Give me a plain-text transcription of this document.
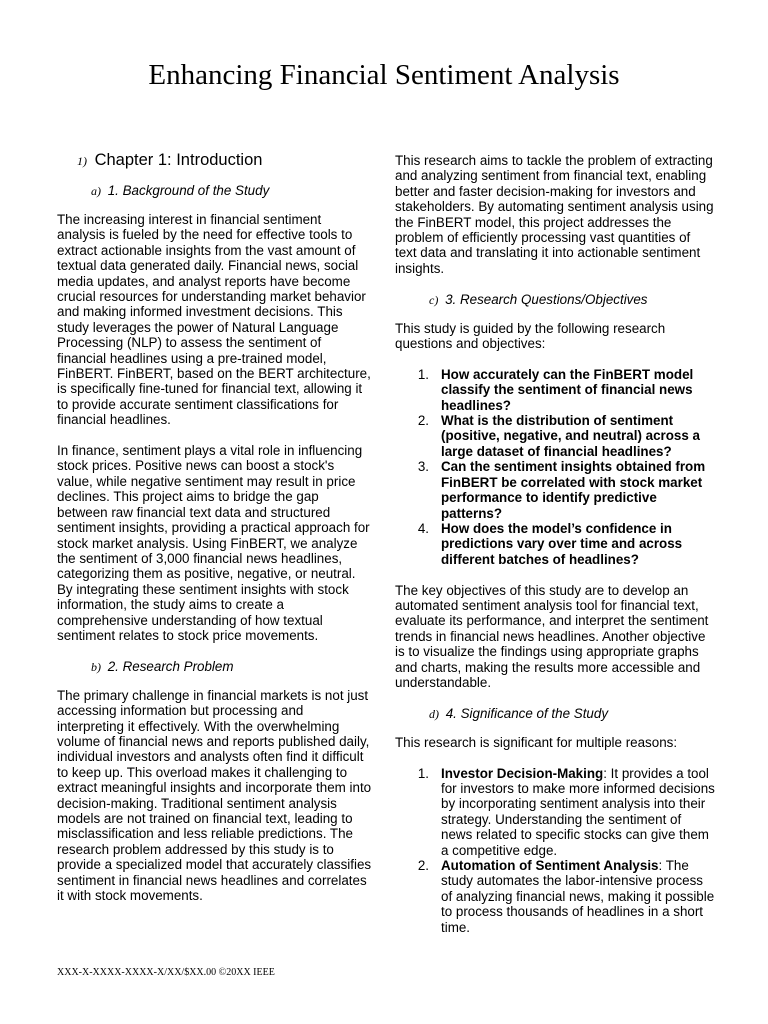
Enhancing Financial Sentiment Analysis
1) Chapter 1: Introduction
a) 1. Background of the Study

The increasing interest in financial sentiment analysis is fueled by the need for effective tools to extract actionable insights from the vast amount of textual data generated daily. Financial news, social media updates, and analyst reports have become crucial resources for understanding market behavior and making informed investment decisions. This study leverages the power of Natural Language Processing (NLP) to assess the sentiment of financial headlines using a pre-trained model, FinBERT. FinBERT, based on the BERT architecture, is specifically fine-tuned for financial text, allowing it to provide accurate sentiment classifications for financial headlines.

In finance, sentiment plays a vital role in influencing stock prices. Positive news can boost a stock's value, while negative sentiment may result in price declines. This project aims to bridge the gap between raw financial text data and structured sentiment insights, providing a practical approach for stock market analysis. Using FinBERT, we analyze the sentiment of 3,000 financial news headlines, categorizing them as positive, negative, or neutral. By integrating these sentiment insights with stock information, the study aims to create a comprehensive understanding of how textual sentiment relates to stock price movements.

b) 2. Research Problem

The primary challenge in financial markets is not just accessing information but processing and interpreting it effectively. With the overwhelming volume of financial news and reports published daily, individual investors and analysts often find it difficult to keep up. This overload makes it challenging to extract meaningful insights and incorporate them into decision-making. Traditional sentiment analysis models are not trained on financial text, leading to misclassification and less reliable predictions. The research problem addressed by this study is to provide a specialized model that accurately classifies sentiment in financial news headlines and correlates it with stock movements.

This research aims to tackle the problem of extracting and analyzing sentiment from financial text, enabling better and faster decision-making for investors and stakeholders. By automating sentiment analysis using the FinBERT model, this project addresses the problem of efficiently processing vast quantities of text data and translating it into actionable sentiment insights.

c) 3. Research Questions/Objectives

This study is guided by the following research questions and objectives:

1. How accurately can the FinBERT model classify the sentiment of financial news headlines?
2. What is the distribution of sentiment (positive, negative, and neutral) across a large dataset of financial headlines?
3. Can the sentiment insights obtained from FinBERT be correlated with stock market performance to identify predictive patterns?
4. How does the model’s confidence in predictions vary over time and across different batches of headlines?

The key objectives of this study are to develop an automated sentiment analysis tool for financial text, evaluate its performance, and interpret the sentiment trends in financial news headlines. Another objective is to visualize the findings using appropriate graphs and charts, making the results more accessible and understandable.

d) 4. Significance of the Study

This research is significant for multiple reasons:

1. Investor Decision-Making: It provides a tool for investors to make more informed decisions by incorporating sentiment analysis into their strategy. Understanding the sentiment of news related to specific stocks can give them a competitive edge.
2. Automation of Sentiment Analysis: The study automates the labor-intensive process of analyzing financial news, making it possible to process thousands of headlines in a short time.
XXX-X-XXXX-XXXX-X/XX/$XX.00 ©20XX IEEE
